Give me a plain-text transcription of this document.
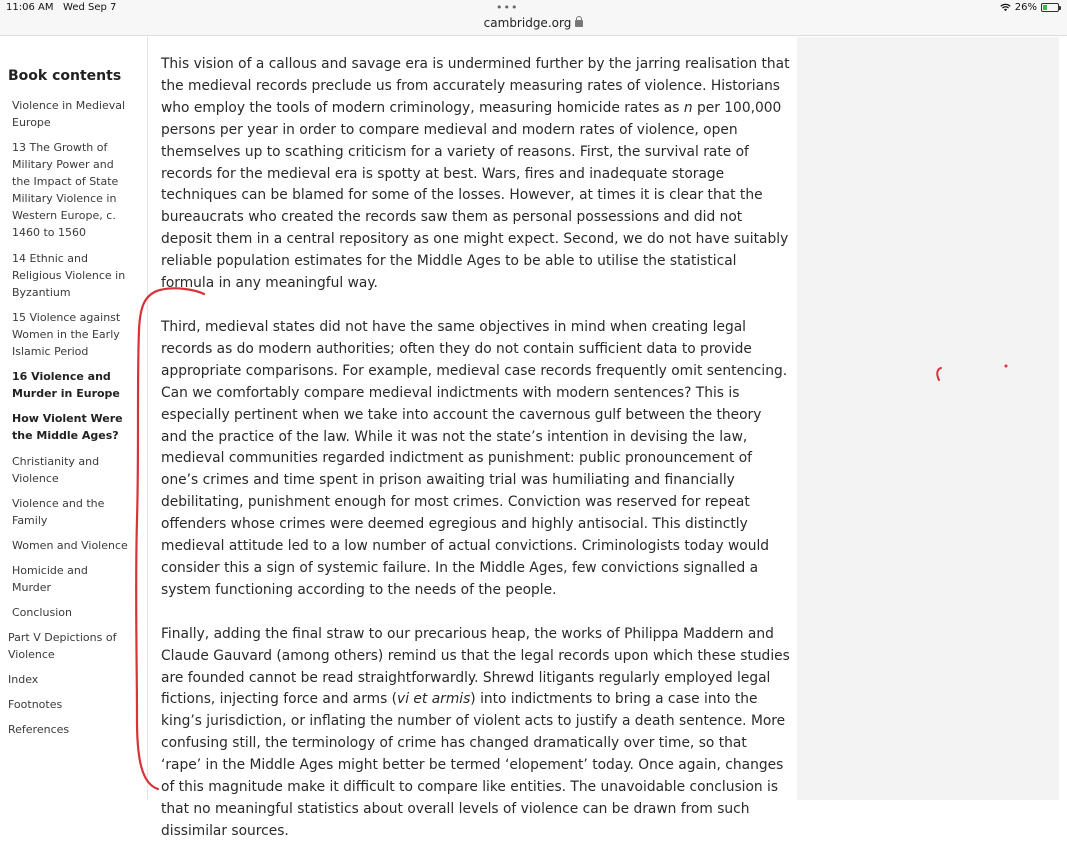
11:06 AM Wed Sep 7	•••
cambridge.org
26%
Book contents
Violence in Medieval Europe
13 The Growth of Military Power and the Impact of State Military Violence in Western Europe, c. 1460 to 1560
14 Ethnic and Religious Violence in Byzantium
15 Violence against Women in the Early Islamic Period
16 Violence and Murder in Europe
How Violent Were the Middle Ages?
Christianity and Violence
Violence and the Family
Women and Violence
Homicide and Murder
Conclusion
Part V Depictions of Violence
Index
Footnotes
References

This vision of a callous and savage era is undermined further by the jarring realisation that the medieval records preclude us from accurately measuring rates of violence. Historians who employ the tools of modern criminology, measuring homicide rates as n per 100,000 persons per year in order to compare medieval and modern rates of violence, open themselves up to scathing criticism for a variety of reasons. First, the survival rate of records for the medieval era is spotty at best. Wars, fires and inadequate storage techniques can be blamed for some of the losses. However, at times it is clear that the bureaucrats who created the records saw them as personal possessions and did not deposit them in a central repository as one might expect. Second, we do not have suitably reliable population estimates for the Middle Ages to be able to utilise the statistical formula in any meaningful way.

Third, medieval states did not have the same objectives in mind when creating legal records as do modern authorities; often they do not contain sufficient data to provide appropriate comparisons. For example, medieval case records frequently omit sentencing. Can we comfortably compare medieval indictments with modern sentences? This is especially pertinent when we take into account the cavernous gulf between the theory and the practice of the law. While it was not the state’s intention in devising the law, medieval communities regarded indictment as punishment: public pronouncement of one’s crimes and time spent in prison awaiting trial was humiliating and financially debilitating, punishment enough for most crimes. Conviction was reserved for repeat offenders whose crimes were deemed egregious and highly antisocial. This distinctly medieval attitude led to a low number of actual convictions. Criminologists today would consider this a sign of systemic failure. In the Middle Ages, few convictions signalled a system functioning according to the needs of the people.

Finally, adding the final straw to our precarious heap, the works of Philippa Maddern and Claude Gauvard (among others) remind us that the legal records upon which these studies are founded cannot be read straightforwardly. Shrewd litigants regularly employed legal fictions, injecting force and arms (vi et armis) into indictments to bring a case into the king’s jurisdiction, or inflating the number of violent acts to justify a death sentence. More confusing still, the terminology of crime has changed dramatically over time, so that ‘rape’ in the Middle Ages might better be termed ‘elopement’ today. Once again, changes of this magnitude make it difficult to compare like entities. The unavoidable conclusion is that no meaningful statistics about overall levels of violence can be drawn from such dissimilar sources.
